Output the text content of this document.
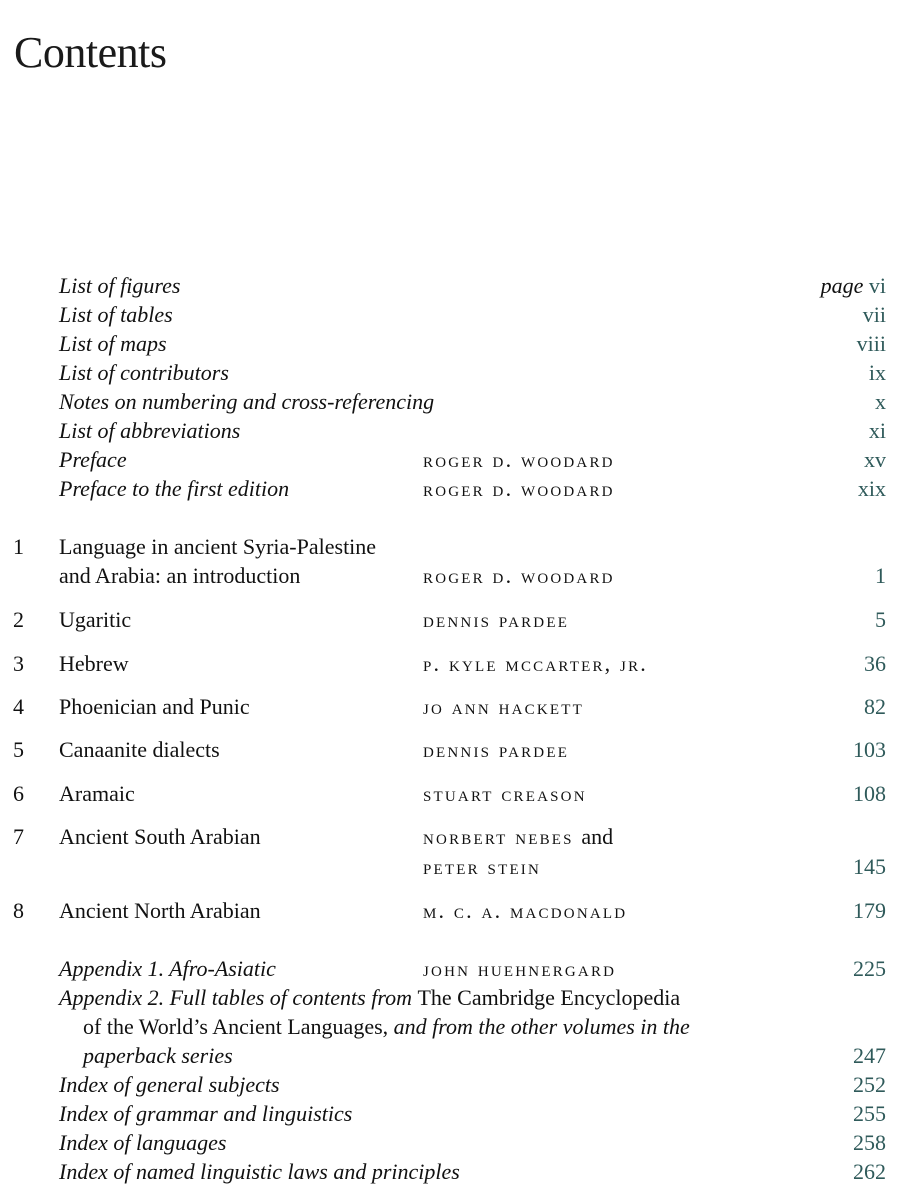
Contents
List of figures	page vi
List of tables	vii
List of maps	viii
List of contributors	ix
Notes on numbering and cross-referencing	x
List of abbreviations	xi
Preface	roger d. woodard	xv
Preface to the first edition	roger d. woodard	xix
1 Language in ancient Syria-Palestine
and Arabia: an introduction	roger d. woodard	1
2 Ugaritic	dennis pardee	5
3 Hebrew	p. kyle mccarter, jr.	36
4 Phoenician and Punic	jo ann hackett	82
5 Canaanite dialects	dennis pardee	103
6 Aramaic	stuart creason	108
7 Ancient South Arabian	norbert nebes and
peter stein	145
8 Ancient North Arabian	m. c. a. macdonald	179
Appendix 1. Afro-Asiatic	john huehnergard	225
Appendix 2. Full tables of contents from The Cambridge Encyclopedia
of the World’s Ancient Languages, and from the other volumes in the
paperback series	247
Index of general subjects	252
Index of grammar and linguistics	255
Index of languages	258
Index of named linguistic laws and principles	262
